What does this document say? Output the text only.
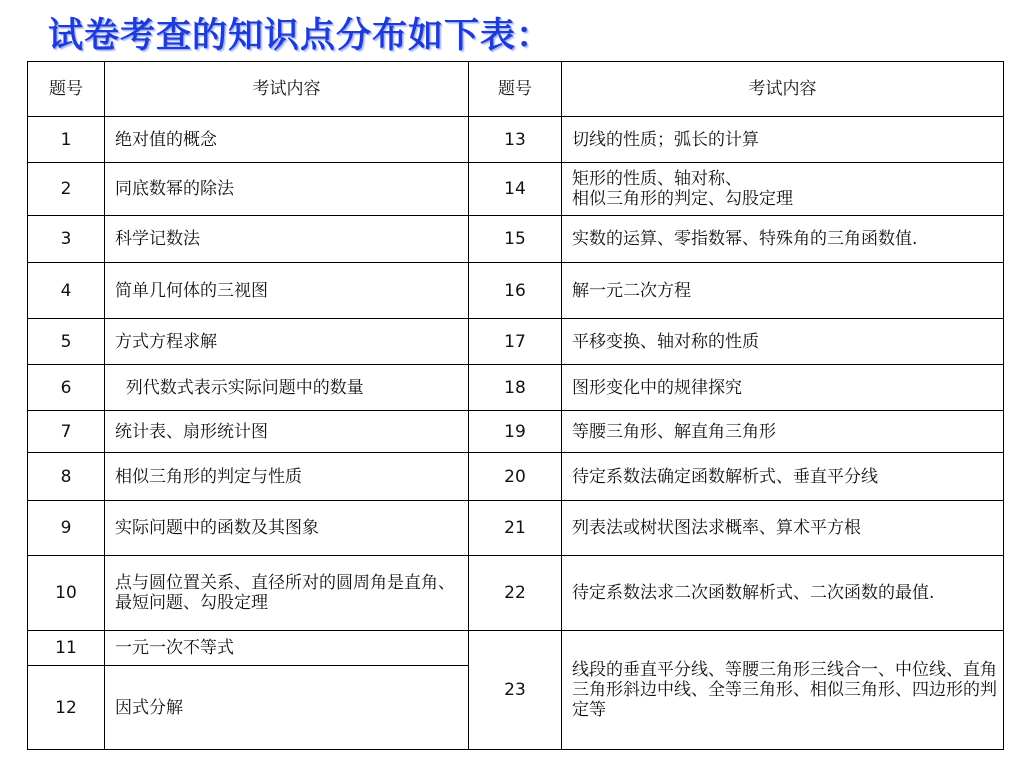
试卷考查的知识点分布如下表：
题号	考试内容	题号	考试内容
1	绝对值的概念	13	切线的性质；弧长的计算
2	同底数幂的除法	14	矩形的性质、轴对称、
相似三角形的判定、勾股定理
3	科学记数法	15	实数的运算、零指数幂、特殊角的三角函数值.
4	简单几何体的三视图	16	解一元二次方程
5	方式方程求解	17	平移变换、轴对称的性质
6	列代数式表示实际问题中的数量	18	图形变化中的规律探究
7	统计表、扇形统计图	19	等腰三角形、解直角三角形
8	相似三角形的判定与性质	20	待定系数法确定函数解析式、垂直平分线
9	实际问题中的函数及其图象	21	列表法或树状图法求概率、算术平方根
10	点与圆位置关系、直径所对的圆周角是直角、最短问题、勾股定理	22	待定系数法求二次函数解析式、二次函数的最值.
11	一元一次不等式	23	线段的垂直平分线、等腰三角形三线合一、中位线、直角三角形斜边中线、全等三角形、相似三角形、四边形的判定等
12	因式分解		
